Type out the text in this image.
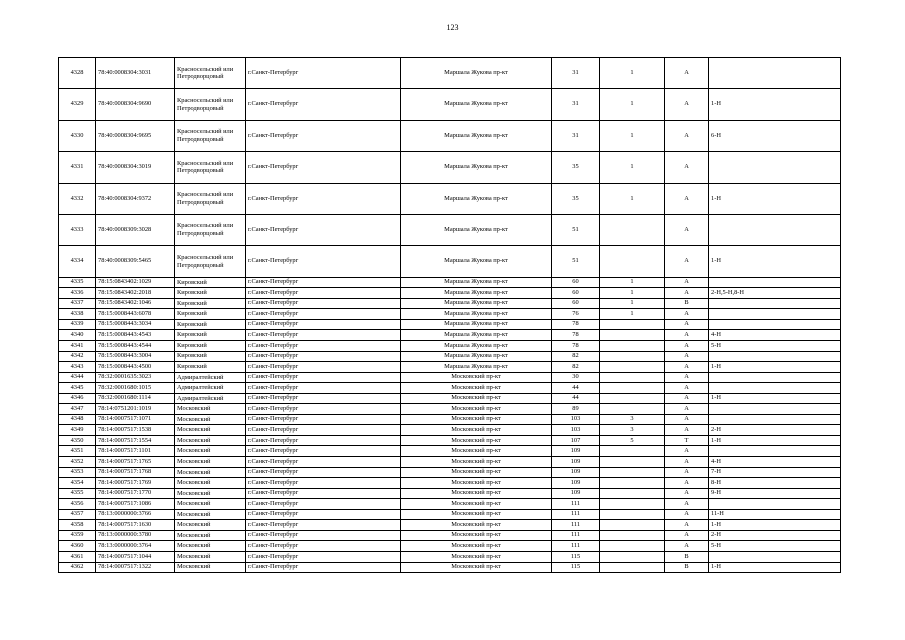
123
4328	78:40:0008304:3031	Красносельский или Петродворцовый	г.Санкт-Петербург	Маршала Жукова пр-кт	31	1	А	
4329	78:40:0008304:9690	Красносельский или Петродворцовый	г.Санкт-Петербург	Маршала Жукова пр-кт	31	1	А	1-Н
4330	78:40:0008304:9695	Красносельский или Петродворцовый	г.Санкт-Петербург	Маршала Жукова пр-кт	31	1	А	6-Н
4331	78:40:0008304:3019	Красносельский или Петродворцовый	г.Санкт-Петербург	Маршала Жукова пр-кт	35	1	А	
4332	78:40:0008304:9372	Красносельский или Петродворцовый	г.Санкт-Петербург	Маршала Жукова пр-кт	35	1	А	1-Н
4333	78:40:0008309:3028	Красносельский или Петродворцовый	г.Санкт-Петербург	Маршала Жукова пр-кт	51		А	
4334	78:40:0008309:5465	Красносельский или Петродворцовый	г.Санкт-Петербург	Маршала Жукова пр-кт	51		А	1-Н
4335	78:15:0843402:1029	Кировский	г.Санкт-Петербург	Маршала Жукова пр-кт	60	1	А	
4336	78:15:0843402:2018	Кировский	г.Санкт-Петербург	Маршала Жукова пр-кт	60	1	А	2-Н,5-Н,8-Н
4337	78:15:0843402:1046	Кировский	г.Санкт-Петербург	Маршала Жукова пр-кт	60	1	В	
4338	78:15:0008443:6078	Кировский	г.Санкт-Петербург	Маршала Жукова пр-кт	76	1	А	
4339	78:15:0008443:3034	Кировский	г.Санкт-Петербург	Маршала Жукова пр-кт	78		А	
4340	78:15:0008443:4543	Кировский	г.Санкт-Петербург	Маршала Жукова пр-кт	78		А	4-Н
4341	78:15:0008443:4544	Кировский	г.Санкт-Петербург	Маршала Жукова пр-кт	78		А	5-Н
4342	78:15:0008443:3004	Кировский	г.Санкт-Петербург	Маршала Жукова пр-кт	82		А	
4343	78:15:0008443:4500	Кировский	г.Санкт-Петербург	Маршала Жукова пр-кт	82		А	1-Н
4344	78:32:0001635:3023	Адмиралтейский	г.Санкт-Петербург	Московский пр-кт	30		А	
4345	78:32:0001680:1015	Адмиралтейский	г.Санкт-Петербург	Московский пр-кт	44		А	
4346	78:32:0001680:1114	Адмиралтейский	г.Санкт-Петербург	Московский пр-кт	44		А	1-Н
4347	78:14:0751201:1019	Московский	г.Санкт-Петербург	Московский пр-кт	89		А	
4348	78:14:0007517:1071	Московский	г.Санкт-Петербург	Московский пр-кт	103	3	А	
4349	78:14:0007517:1538	Московский	г.Санкт-Петербург	Московский пр-кт	103	3	А	2-Н
4350	78:14:0007517:1554	Московский	г.Санкт-Петербург	Московский пр-кт	107	5	Т	1-Н
4351	78:14:0007517:1101	Московский	г.Санкт-Петербург	Московский пр-кт	109		А	
4352	78:14:0007517:1765	Московский	г.Санкт-Петербург	Московский пр-кт	109		А	4-Н
4353	78:14:0007517:1768	Московский	г.Санкт-Петербург	Московский пр-кт	109		А	7-Н
4354	78:14:0007517:1769	Московский	г.Санкт-Петербург	Московский пр-кт	109		А	8-Н
4355	78:14:0007517:1770	Московский	г.Санкт-Петербург	Московский пр-кт	109		А	9-Н
4356	78:14:0007517:1086	Московский	г.Санкт-Петербург	Московский пр-кт	111		А	
4357	78:13:0000000:3766	Московский	г.Санкт-Петербург	Московский пр-кт	111		А	11-Н
4358	78:14:0007517:1630	Московский	г.Санкт-Петербург	Московский пр-кт	111		А	1-Н
4359	78:13:0000000:3780	Московский	г.Санкт-Петербург	Московский пр-кт	111		А	2-Н
4360	78:13:0000000:3764	Московский	г.Санкт-Петербург	Московский пр-кт	111		А	5-Н
4361	78:14:0007517:1044	Московский	г.Санкт-Петербург	Московский пр-кт	115		В	
4362	78:14:0007517:1322	Московский	г.Санкт-Петербург	Московский пр-кт	115		В	1-Н
